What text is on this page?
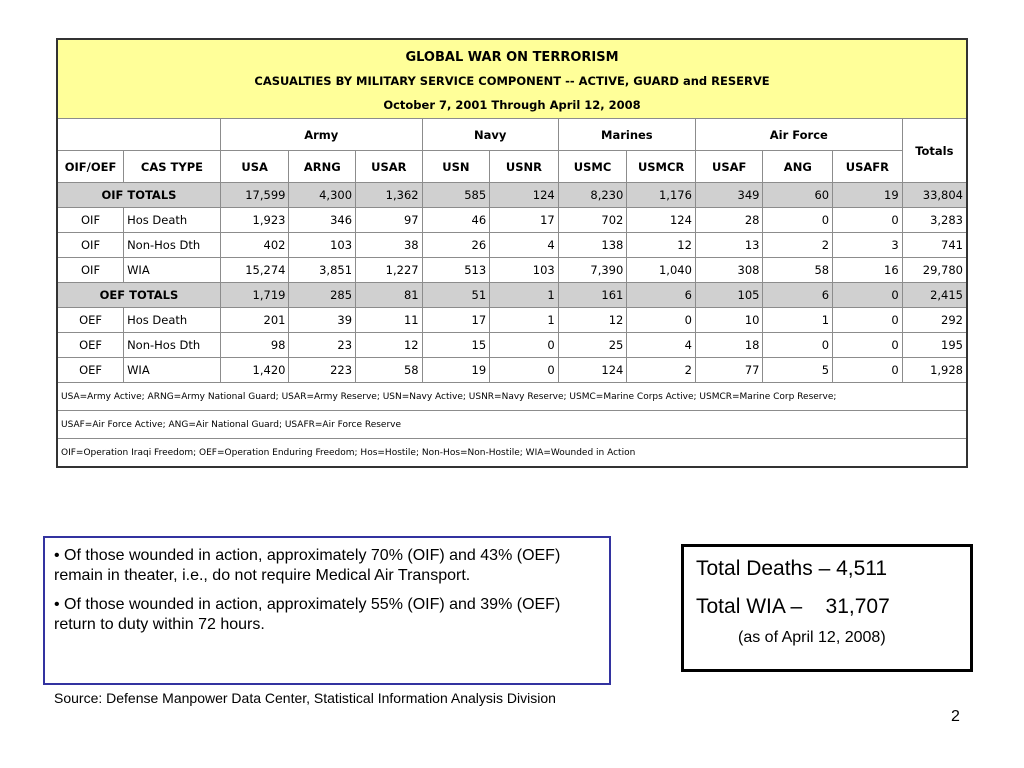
GLOBAL WAR ON TERRORISM
CASUALTIES BY MILITARY SERVICE COMPONENT -- ACTIVE, GUARD and RESERVE
October 7, 2001 Through April 12, 2008												

		Army			Navy		Marines		Air Force			Totals
OIF/OEF	CAS TYPE	USA	ARNG	USAR	USN	USNR	USMC	USMCR	USAF	ANG	USAFR	
OIF TOTALS		17,599	4,300	1,362	585	124	8,230	1,176	349	60	19	33,804
OIF	Hos Death	1,923	346	97	46	17	702	124	28	0	0	3,283
OIF	Non-Hos Dth	402	103	38	26	4	138	12	13	2	3	741
OIF	WIA	15,274	3,851	1,227	513	103	7,390	1,040	308	58	16	29,780
OEF TOTALS		1,719	285	81	51	1	161	6	105	6	0	2,415
OEF	Hos Death	201	39	11	17	1	12	0	10	1	0	292
OEF	Non-Hos Dth	98	23	12	15	0	25	4	18	0	0	195
OEF	WIA	1,420	223	58	19	0	124	2	77	5	0	1,928
USA=Army Active; ARNG=Army National Guard; USAR=Army Reserve; USN=Navy Active; USNR=Navy Reserve; USMC=Marine Corps Active; USMCR=Marine Corp Reserve;												
USAF=Air Force Active; ANG=Air National Guard; USAFR=Air Force Reserve												
OIF=Operation Iraqi Freedom; OEF=Operation Enduring Freedom; Hos=Hostile; Non-Hos=Non-Hostile; WIA=Wounded in Action												

• Of those wounded in action, approximately 70% (OIF) and 43% (OEF) remain in theater, i.e., do not require Medical Air Transport.

• Of those wounded in action, approximately 55% (OIF) and 39% (OEF) return to duty within 72 hours.

Source: Defense Manpower Data Center, Statistical Information Analysis Division
Total Deaths – 4,511
Total WIA –    31,707
(as of April 12, 2008)
2
